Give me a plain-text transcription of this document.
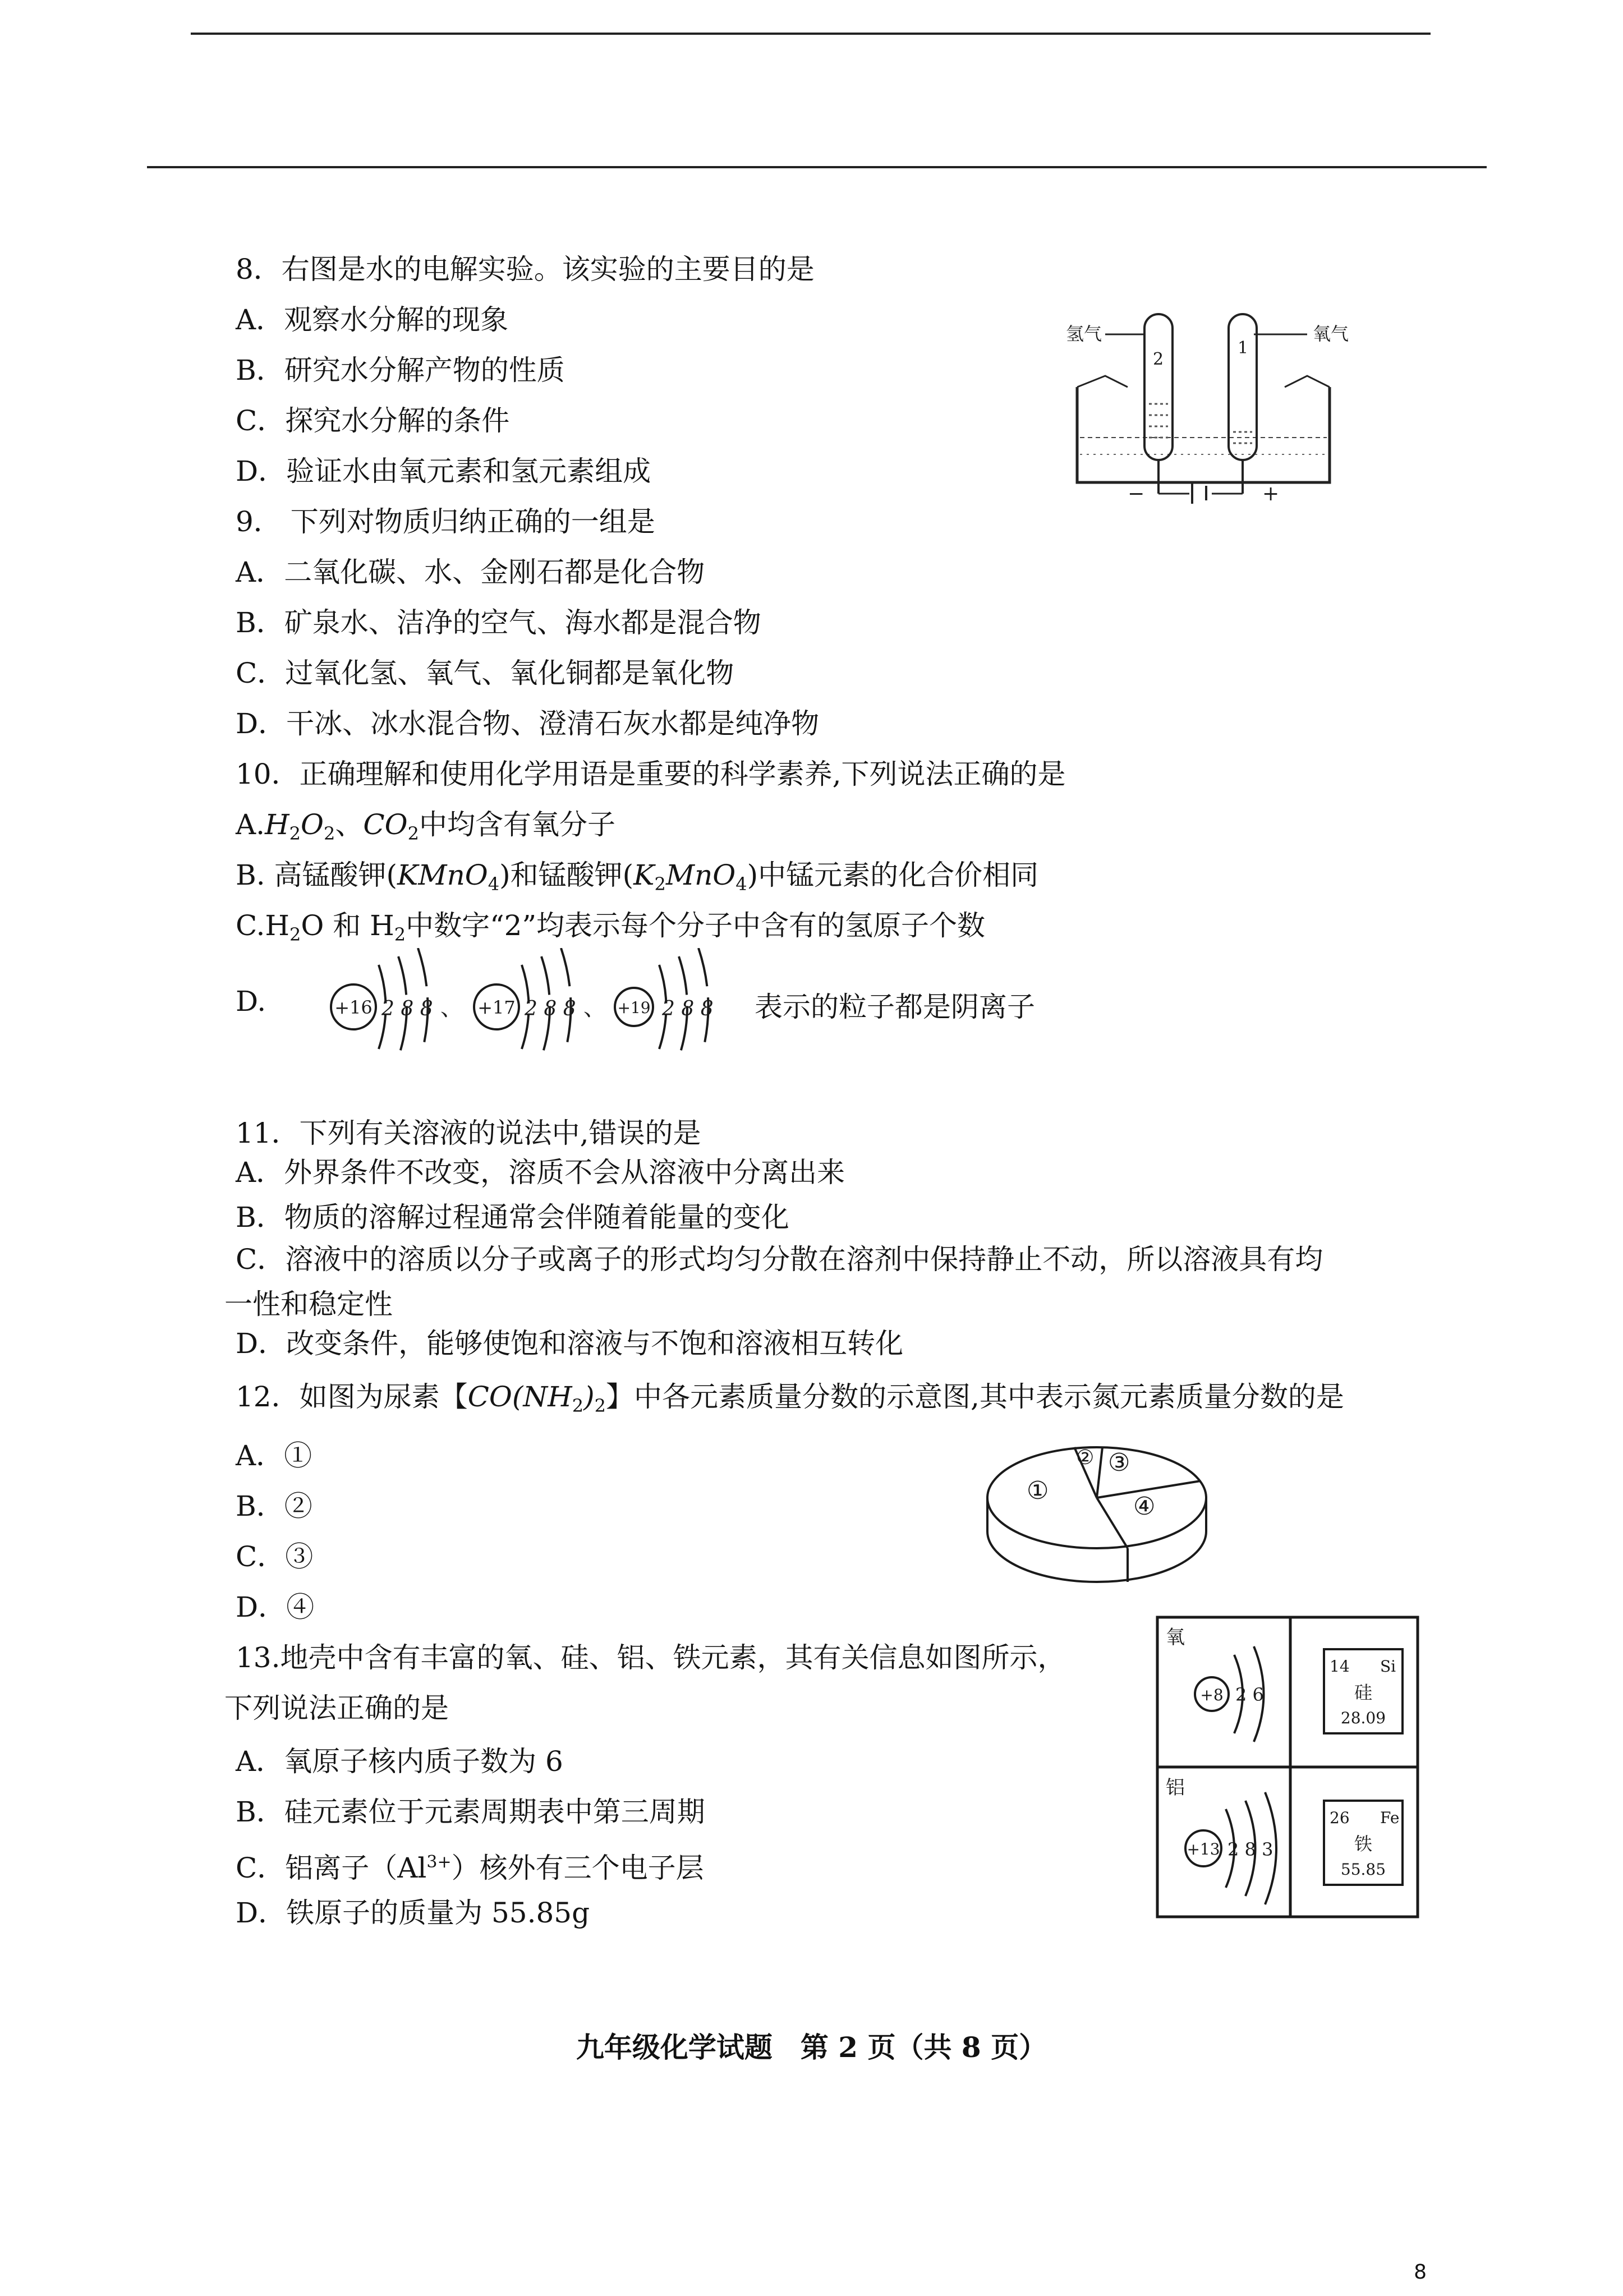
8．右图是水的电解实验。该实验的主要目的是
A．观察水分解的现象
B．研究水分解产物的性质
C．探究水分解的条件
D．验证水由氧元素和氢元素组成
氢气	氧气
2
1
−	+
9． 下列对物质归纳正确的一组是
A．二氧化碳、水、金刚石都是化合物
B．矿泉水、洁净的空气、海水都是混合物
C．过氧化氢、氧气、氧化铜都是氧化物
D．干冰、冰水混合物、澄清石灰水都是纯净物
10．正确理解和使用化学用语是重要的科学素养,下列说法正确的是
$A.H_2O_2$、$CO_2$中均含有氧分子
B. 高锰酸钾(KMnO$_4$)和锰酸钾$(K_2MnO_4)$中锰元素的化合价相同
$C.H_2O$ 和 $H_2$中数字“2”均表示每个分子中含有的氢原子个数
D.	+16 2 8 8 、 +17 2 8 8 、 +19 2 8 8 表示的粒子都是阴离子
11．下列有关溶液的说法中,错误的是
A．外界条件不改变，溶质不会从溶液中分离出来
B．物质的溶解过程通常会伴随着能量的变化
C．溶液中的溶质以分子或离子的形式均匀分散在溶剂中保持静止不动，所以溶液具有均
一性和稳定性
D．改变条件，能够使饱和溶液与不饱和溶液相互转化
12．如图为尿素【$CO(NH_2)_2$】中各元素质量分数的示意图,其中表示氮元素质量分数的是
A．①
B．②
C．③
D．④
①
② ③
④
13.地壳中含有丰富的氧、硅、铝、铁元素，其有关信息如图所示，
下列说法正确的是
A．氧原子核内质子数为 6
B．硅元素位于元素周期表中第三周期
C．铝离子$(Al^{3+})$核外有三个电子层
D．铁原子的质量为 55.85g
氧
+8 2 6
14 Si
硅
28.09
铝
+13 2 8 3
26 Fe
铁
55.85
九年级化学试题　第 2 页（共 8 页）
8
